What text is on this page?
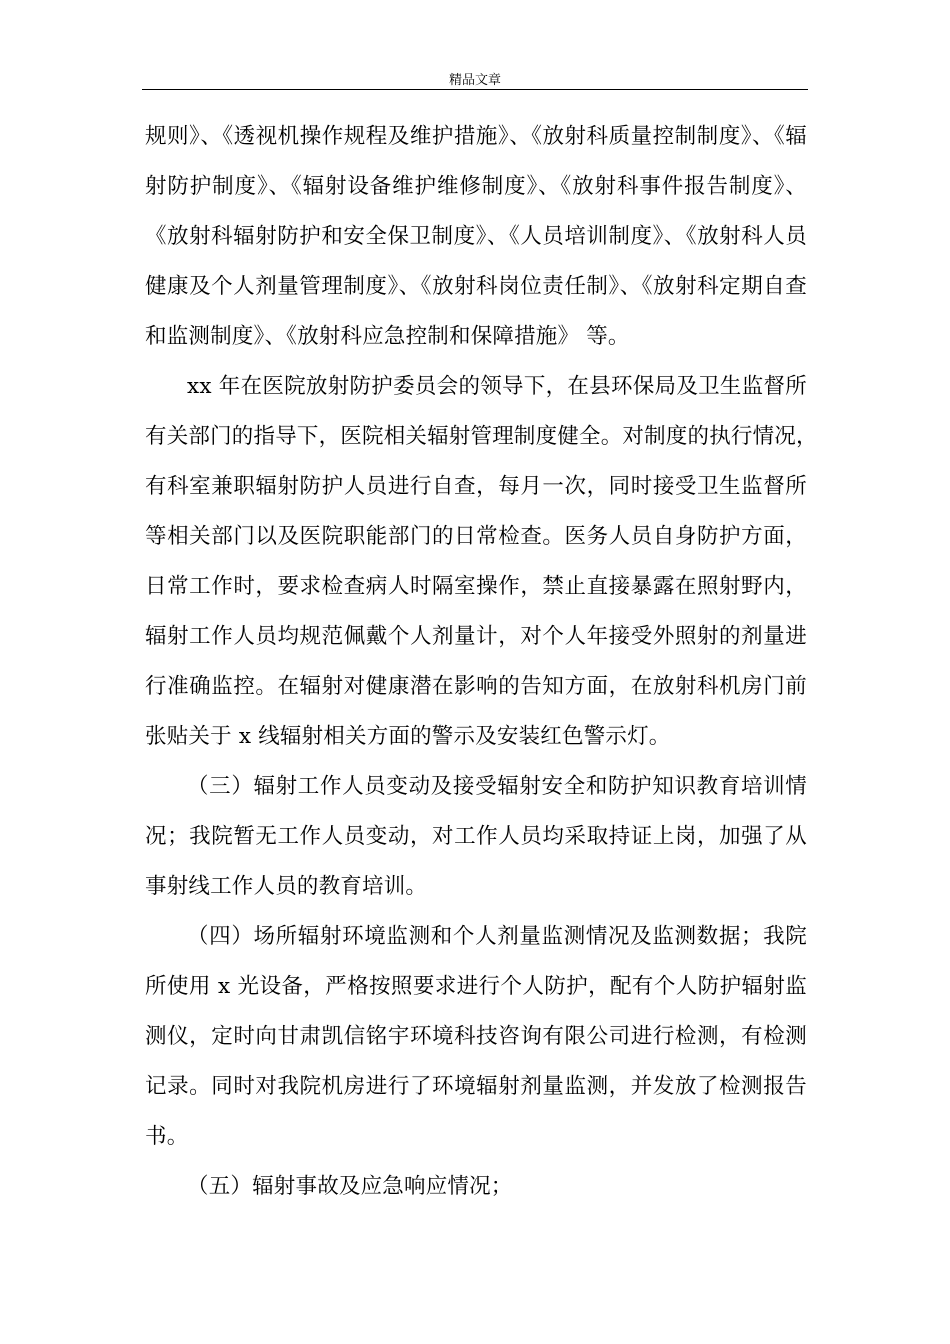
精品文章
规则》、《透视机操作规程及维护措施》、《放射科质量控制制度》、《辐
射防护制度》、《辐射设备维护维修制度》、《放射科事件报告制度》、
《放射科辐射防护和安全保卫制度》、《人员培训制度》、《放射科人员
健康及个人剂量管理制度》、《放射科岗位责任制》、《放射科定期自查
和监测制度》、《放射科应急控制和保障措施》 等。
xx 年在医院放射防护委员会的领导下，在县环保局及卫生监督所
有关部门的指导下，医院相关辐射管理制度健全。对制度的执行情况，
有科室兼职辐射防护人员进行自查，每月一次，同时接受卫生监督所
等相关部门以及医院职能部门的日常检查。医务人员自身防护方面，
日常工作时，要求检查病人时隔室操作，禁止直接暴露在照射野内，
辐射工作人员均规范佩戴个人剂量计，对个人年接受外照射的剂量进
行准确监控。在辐射对健康潜在影响的告知方面，在放射科机房门前
张贴关于 x 线辐射相关方面的警示及安装红色警示灯。
（三）辐射工作人员变动及接受辐射安全和防护知识教育培训情
况；我院暂无工作人员变动，对工作人员均采取持证上岗，加强了从
事射线工作人员的教育培训。
（四）场所辐射环境监测和个人剂量监测情况及监测数据；我院
所使用 x 光设备，严格按照要求进行个人防护，配有个人防护辐射监
测仪，定时向甘肃凯信铭宇环境科技咨询有限公司进行检测，有检测
记录。同时对我院机房进行了环境辐射剂量监测，并发放了检测报告
书。
（五）辐射事故及应急响应情况；
